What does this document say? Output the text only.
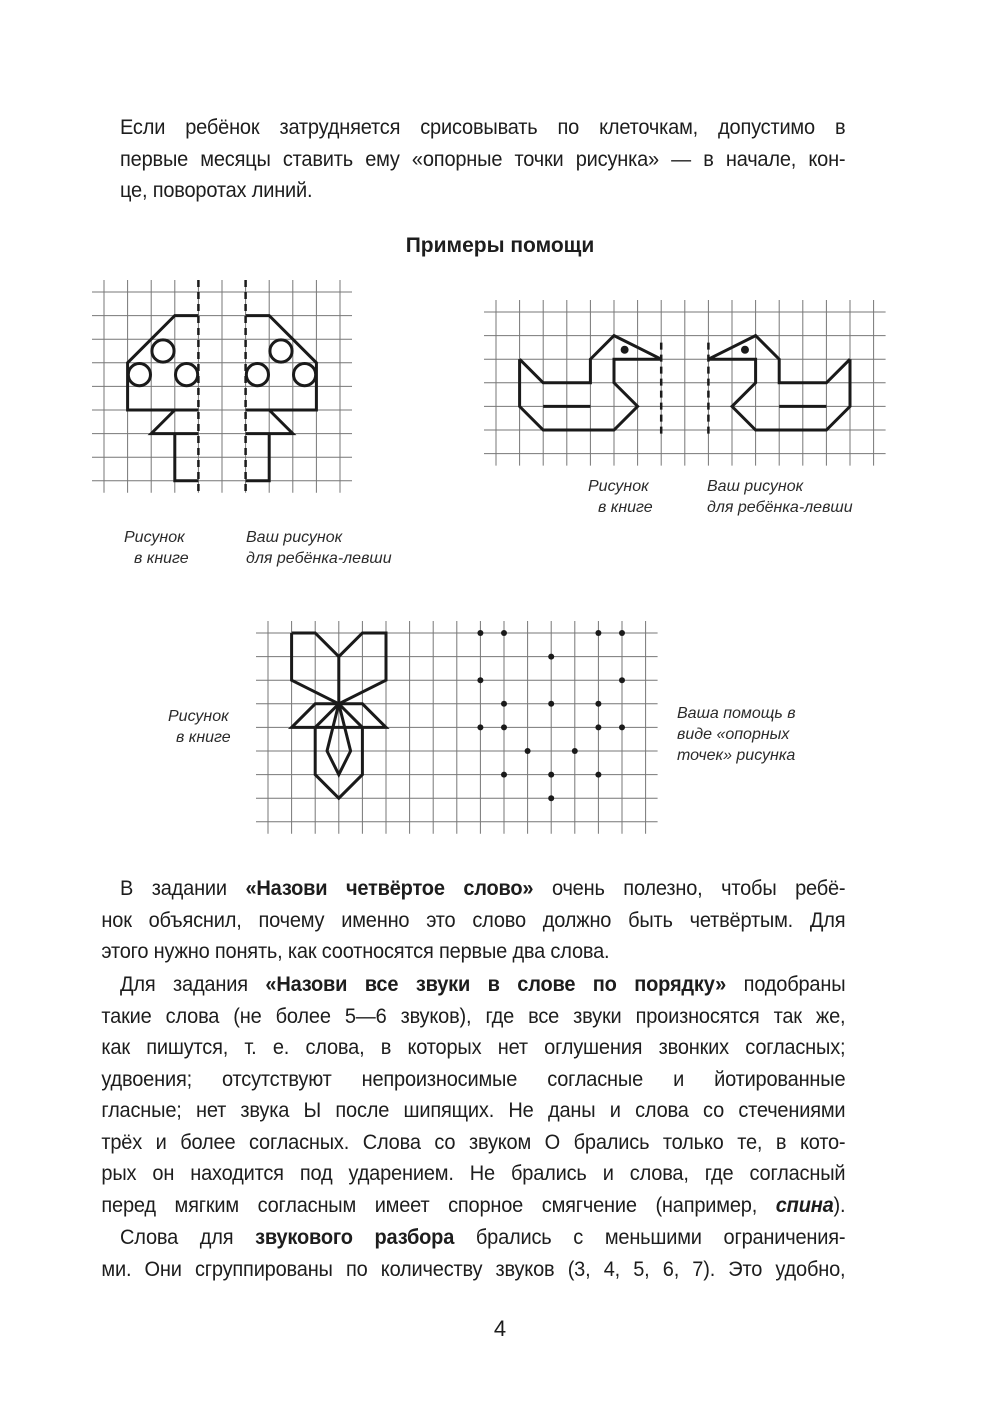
Если ребёнок затрудняется срисовывать по клеточкам, допустимо в
первые месяцы ставить ему «опорные точки рисунка» — в начале, кон-
це, поворотах линий.
Примеры помощи
Рисунок
в книге
Ваш рисунок
для ребёнка-левши
Рисунок
в книге
Ваш рисунок
для ребёнка-левши
Рисунок
в книге
Ваша помощь в
виде «опорных
точек» рисунка
В задании «Назови четвёртое слово» очень полезно, чтобы ребё-
нок объяснил, почему именно это слово должно быть четвёртым. Для
этого нужно понять, как соотносятся первые два слова.
Для задания «Назови все звуки в слове по порядку» подобраны
такие слова (не более 5—6 звуков), где все звуки произносятся так же,
как пишутся, т. е. слова, в которых нет оглушения звонких согласных;
удвоения; отсутствуют непроизносимые согласные и йотированные
гласные; нет звука Ы после шипящих. Не даны и слова со стечениями
трёх и более согласных. Слова со звуком О брались только те, в кото-
рых он находится под ударением. Не брались и слова, где согласный
перед мягким согласным имеет спорное смягчение (например, спина).
Слова для звукового разбора брались с меньшими ограничения-
ми. Они сгруппированы по количеству звуков (3, 4, 5, 6, 7). Это удобно,
4
